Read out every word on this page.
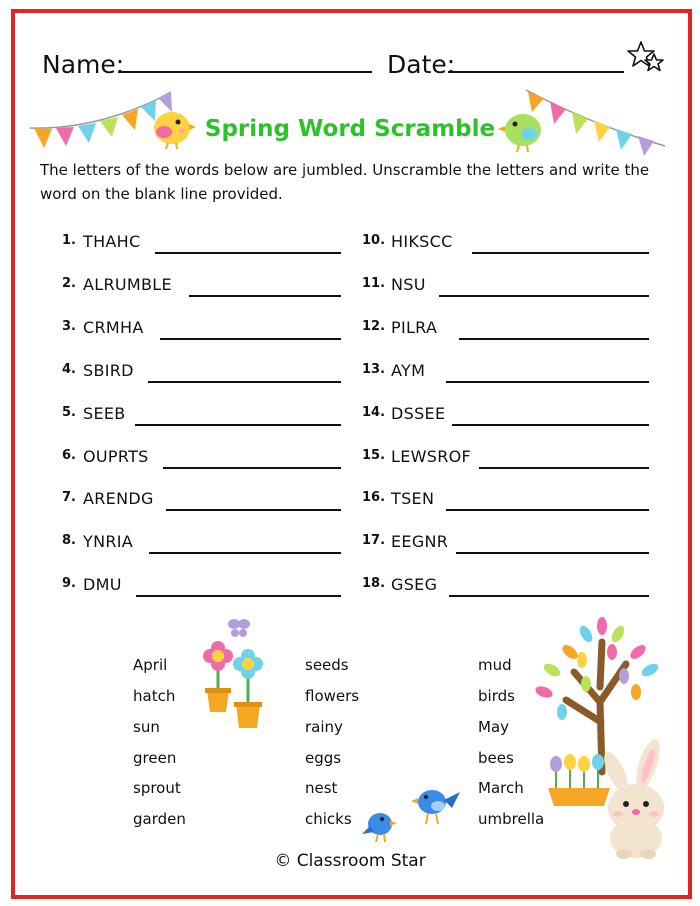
Name:	Date:
Spring Word Scramble
The letters of the words below are jumbled. Unscramble the letters and write the word on the blank line provided.
1. THAHC
2. ALRUMBLE
3. CRMHA
4. SBIRD
5. SEEB
6. OUPRTS
7. ARENDG
8. YNRIA
9. DMU
10. HIKSCC
11. NSU
12. PILRA
13. AYM
14. DSSEE
15. LEWSROF
16. TSEN
17. EEGNR
18. GSEG
April
hatch
sun
green
sprout
garden
seeds
flowers
rainy
eggs
nest
chicks
mud
birds
May
bees
March
umbrella
© Classroom Star
